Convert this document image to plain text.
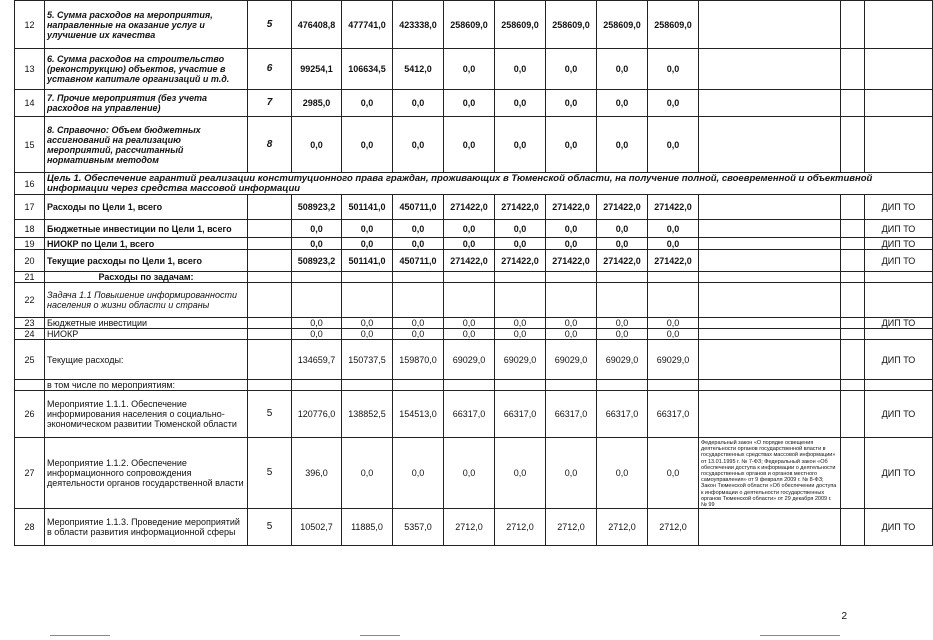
12	5. Сумма расходов на мероприятия, направленные на оказание услуг и улучшение их качества	5	476408,8	477741,0	423338,0	258609,0	258609,0	258609,0	258609,0	258609,0			
13	6. Сумма расходов на строительство (реконструкцию) объектов, участие в уставном капитале организаций и т.д.	6	99254,1	106634,5	5412,0	0,0	0,0	0,0	0,0	0,0			
14	7. Прочие мероприятия (без учета расходов на управление)	7	2985,0	0,0	0,0	0,0	0,0	0,0	0,0	0,0			
15	8. Справочно: Объем бюджетных ассигнований на реализацию мероприятий, рассчитанный нормативным методом	8	0,0	0,0	0,0	0,0	0,0	0,0	0,0	0,0			
16	Цель 1. Обеспечение гарантий реализации конституционного права граждан, проживающих в Тюменской области, на получение полной, своевременной и объективной информации через средства массовой информации												
17	Расходы по Цели 1, всего		508923,2	501141,0	450711,0	271422,0	271422,0	271422,0	271422,0	271422,0			ДИП ТО
18	Бюджетные инвестиции по Цели 1, всего		0,0	0,0	0,0	0,0	0,0	0,0	0,0	0,0			ДИП ТО
19	НИОКР по Цели 1, всего		0,0	0,0	0,0	0,0	0,0	0,0	0,0	0,0			ДИП ТО
20	Текущие расходы по Цели 1, всего		508923,2	501141,0	450711,0	271422,0	271422,0	271422,0	271422,0	271422,0			ДИП ТО
21	Расходы по задачам:												
22	Задача 1.1 Повышение информированности населения о жизни области и страны												
23	Бюджетные инвестиции		0,0	0,0	0,0	0,0	0,0	0,0	0,0	0,0			ДИП ТО
24	НИОКР		0,0	0,0	0,0	0,0	0,0	0,0	0,0	0,0			
25	Текущие расходы:		134659,7	150737,5	159870,0	69029,0	69029,0	69029,0	69029,0	69029,0			ДИП ТО
	в том числе по мероприятиям:												
26	Мероприятие 1.1.1. Обеспечение информирования населения о социально-экономическом развитии Тюменской области	5	120776,0	138852,5	154513,0	66317,0	66317,0	66317,0	66317,0	66317,0			ДИП ТО
27	Мероприятие 1.1.2. Обеспечение информационного сопровождения деятельности органов государственной власти	5	396,0	0,0	0,0	0,0	0,0	0,0	0,0	0,0	Федеральный закон «О порядке освещения деятельности органов государственной власти в государственных средствах массовой информации» от 13.01.1995 г. № 7-ФЗ; Федеральный закон «Об обеспечении доступа к информации о деятельности государственных органов и органов местного самоуправления» от 9 февраля 2009 г. № 8-ФЗ; Закон Тюменской области «Об обеспечении доступа к информации о деятельности государственных органов Тюменской области» от 29 декабря 2009 г. № 99		ДИП ТО
28	Мероприятие 1.1.3. Проведение мероприятий в области развития информационной сферы	5	10502,7	11885,0	5357,0	2712,0	2712,0	2712,0	2712,0	2712,0			ДИП ТО
2
